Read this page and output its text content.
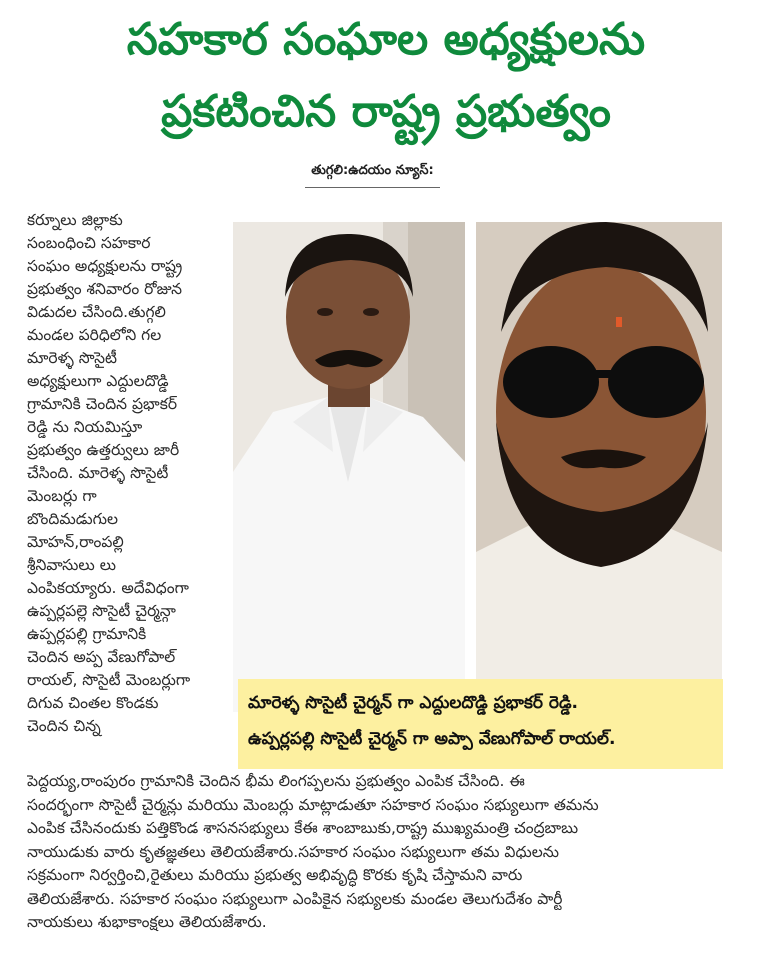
సహకార సంఘాల అధ్యక్షులను
ప్రకటించిన రాష్ట్ర ప్రభుత్వం
తుగ్గలి:ఉదయం న్యూస్:
కర్నూలు జిల్లాకు
సంబంధించి సహకార
సంఘం అధ్యక్షులను రాష్ట్ర
ప్రభుత్వం శనివారం రోజున
విడుదల చేసింది.తుగ్గలి
మండల పరిధిలోని గల
మారెళ్ళ సొసైటీ
అధ్యక్షులుగా ఎద్దులదొడ్డి
గ్రామానికి చెందిన ప్రభాకర్
రెడ్డి ను నియమిస్తూ
ప్రభుత్వం ఉత్తర్వులు జారీ
చేసింది. మారెళ్ళ సొసైటీ
మెంబర్లు గా
బొందిమడుగుల
మోహన్,రాంపల్లి
శ్రీనివాసులు లు
ఎంపికయ్యారు. అదేవిధంగా
ఉప్పర్లపల్లె సొసైటీ చైర్మన్గా
ఉప్పర్లపల్లి గ్రామానికి
చెందిన అప్ప వేణుగోపాల్
రాయల్, సొసైటీ మెంబర్లుగా
దిగువ చింతల కొండకు
చెందిన చిన్న
మారెళ్ళ సొసైటీ చైర్మన్ గా ఎద్దులదొడ్డి ప్రభాకర్ రెడ్డి.
ఉప్పర్లపల్లి సొసైటీ చైర్మన్ గా అప్పా వేణుగోపాల్ రాయల్.
పెద్దయ్య,రాంపురం గ్రామానికి చెందిన భీమ లింగప్పలను ప్రభుత్వం ఎంపిక చేసింది. ఈ
సందర్భంగా సొసైటీ చైర్మన్లు మరియు మెంబర్లు మాట్లాడుతూ సహకార సంఘం సభ్యులుగా తమను
ఎంపిక చేసినందుకు పత్తికొండ శాసనసభ్యులు కేఈ శాంబాబుకు,రాష్ట్ర ముఖ్యమంత్రి చంద్రబాబు
నాయుడుకు వారు కృతజ్ఞతలు తెలియజేశారు.సహకార సంఘం సభ్యులుగా తమ విధులను
సక్రమంగా నిర్వర్తించి,రైతులు మరియు ప్రభుత్వ అభివృద్ధి కొరకు కృషి చేస్తామని వారు
తెలియజేశారు. సహకార సంఘం సభ్యులుగా ఎంపికైన సభ్యులకు మండల తెలుగుదేశం పార్టీ
నాయకులు శుభాకాంక్షలు తెలియజేశారు.
